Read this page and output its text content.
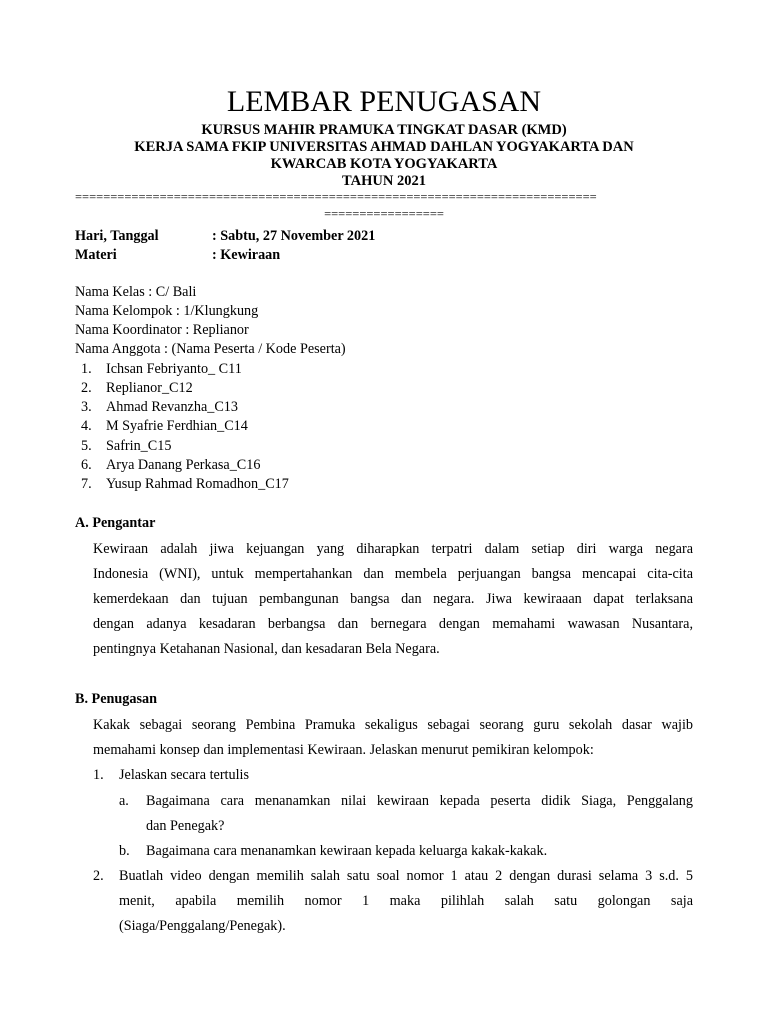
LEMBAR PENUGASAN
KURSUS MAHIR PRAMUKA TINGKAT DASAR (KMD)
KERJA SAMA FKIP UNIVERSITAS AHMAD DAHLAN YOGYAKARTA DAN
KWARCAB KOTA YOGYAKARTA
TAHUN 2021
==========================================================================
=================
Hari, Tanggal	: Sabtu, 27 November 2021
Materi	: Kewiraan
Nama Kelas : C/ Bali
Nama Kelompok : 1/Klungkung
Nama Koordinator : Replianor
Nama Anggota : (Nama Peserta / Kode Peserta)
1. Ichsan Febriyanto_ C11
2. Replianor_C12
3. Ahmad Revanzha_C13
4. M Syafrie Ferdhian_C14
5. Safrin_C15
6. Arya Danang Perkasa_C16
7. Yusup Rahmad Romadhon_C17
A. Pengantar
Kewiraan adalah jiwa kejuangan yang diharapkan terpatri dalam setiap diri warga negara
Indonesia (WNI), untuk mempertahankan dan membela perjuangan bangsa mencapai cita-cita
kemerdekaan dan tujuan pembangunan bangsa dan negara. Jiwa kewiraaan dapat terlaksana
dengan adanya kesadaran berbangsa dan bernegara dengan memahami wawasan Nusantara,
pentingnya Ketahanan Nasional, dan kesadaran Bela Negara.
B. Penugasan
Kakak sebagai seorang Pembina Pramuka sekaligus sebagai seorang guru sekolah dasar wajib
memahami konsep dan implementasi Kewiraan. Jelaskan menurut pemikiran kelompok:
1. Jelaskan secara tertulis
a. Bagaimana cara menanamkan nilai kewiraan kepada peserta didik Siaga, Penggalang
dan Penegak?
b. Bagaimana cara menanamkan kewiraan kepada keluarga kakak-kakak.
2. Buatlah video dengan memilih salah satu soal nomor 1 atau 2 dengan durasi selama 3 s.d. 5
menit, apabila memilih nomor 1 maka pilihlah salah satu golongan saja
(Siaga/Penggalang/Penegak).
